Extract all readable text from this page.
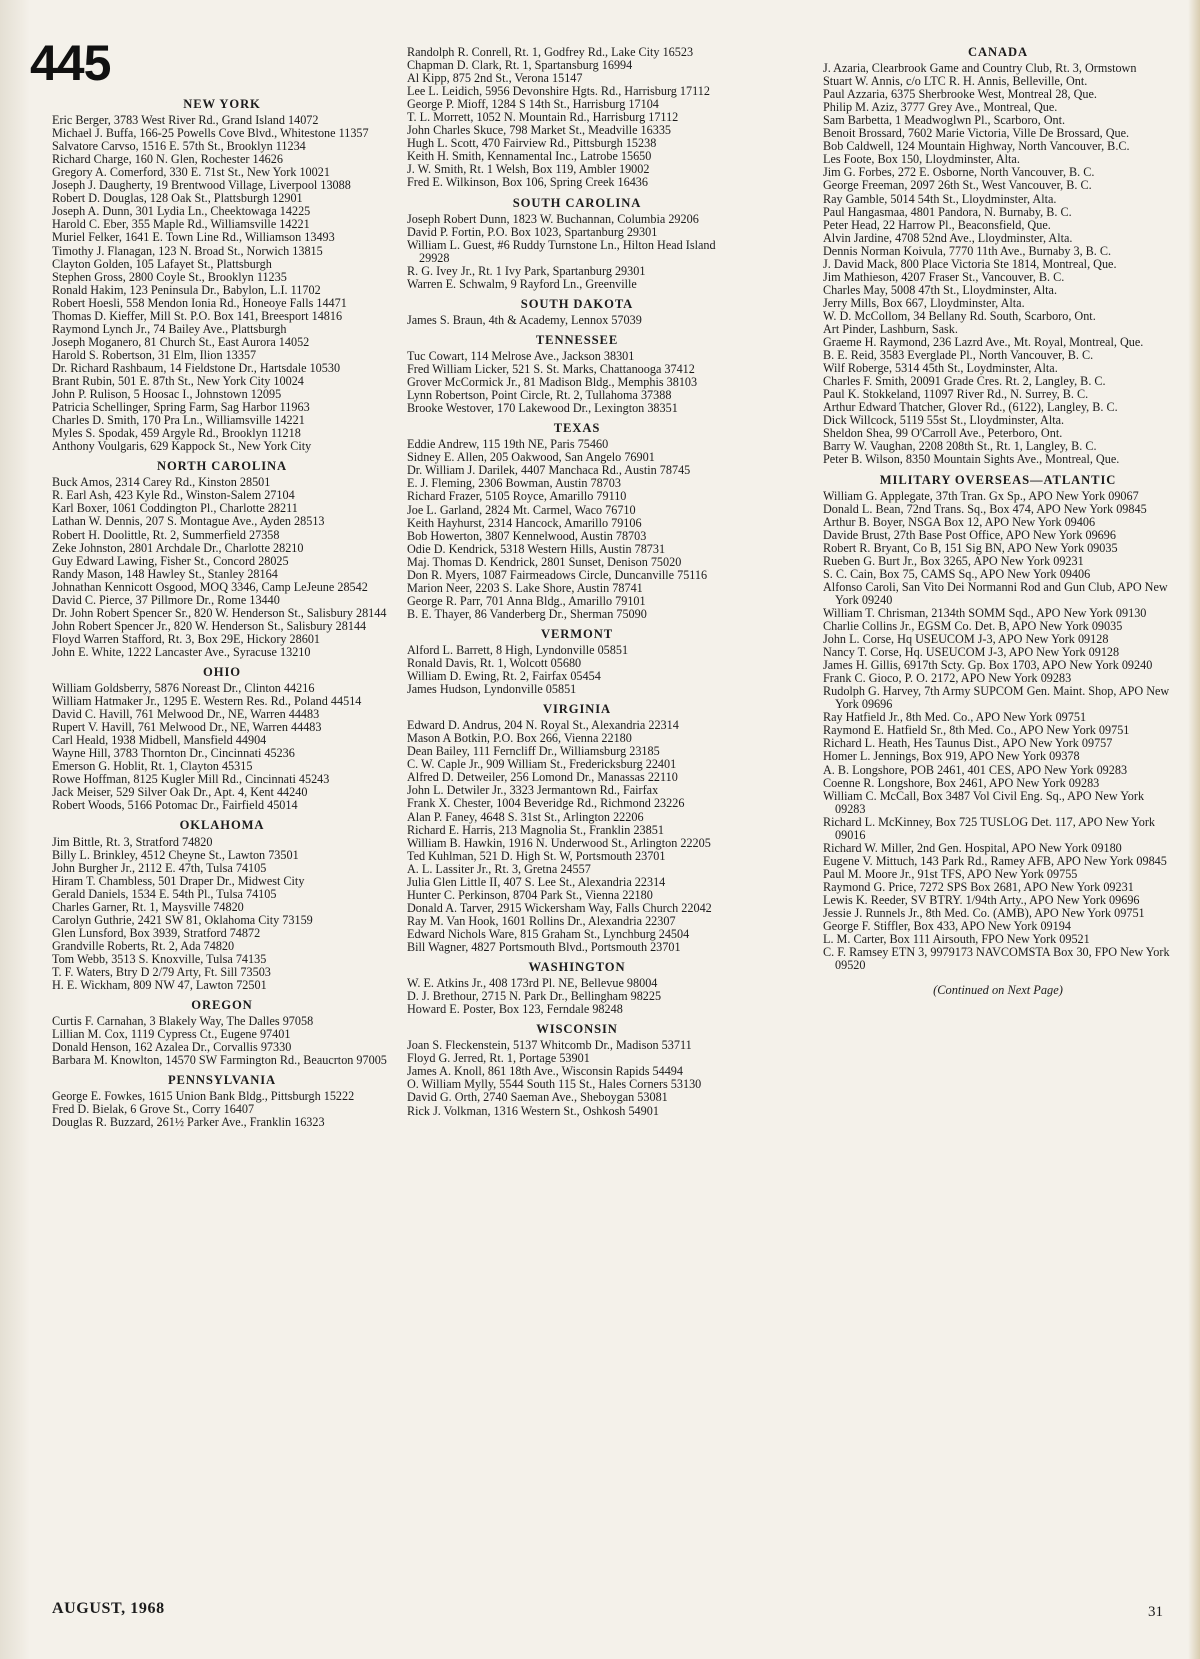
445
NEW YORK
Eric Berger, 3783 West River Rd., Grand Island 14072
Michael J. Buffa, 166-25 Powells Cove Blvd., Whitestone 11357
Salvatore Carvso, 1516 E. 57th St., Brooklyn 11234
Richard Charge, 160 N. Glen, Rochester 14626
Gregory A. Comerford, 330 E. 71st St., New York 10021
Joseph J. Daugherty, 19 Brentwood Village, Liverpool 13088
Robert D. Douglas, 128 Oak St., Plattsburgh 12901
Joseph A. Dunn, 301 Lydia Ln., Cheektowaga 14225
Harold C. Eber, 355 Maple Rd., Williamsville 14221
Muriel Felker, 1641 E. Town Line Rd., Williamson 13493
Timothy J. Flanagan, 123 N. Broad St., Norwich 13815
Clayton Golden, 105 Lafayet St., Plattsburgh
Stephen Gross, 2800 Coyle St., Brooklyn 11235
Ronald Hakim, 123 Peninsula Dr., Babylon, L.I. 11702
Robert Hoesli, 558 Mendon Ionia Rd., Honeoye Falls 14471
Thomas D. Kieffer, Mill St. P.O. Box 141, Breesport 14816
Raymond Lynch Jr., 74 Bailey Ave., Plattsburgh
Joseph Moganero, 81 Church St., East Aurora 14052
Harold S. Robertson, 31 Elm, Ilion 13357
Dr. Richard Rashbaum, 14 Fieldstone Dr., Hartsdale 10530
Brant Rubin, 501 E. 87th St., New York City 10024
John P. Rulison, 5 Hoosac I., Johnstown 12095
Patricia Schellinger, Spring Farm, Sag Harbor 11963
Charles D. Smith, 170 Pra Ln., Williamsville 14221
Myles S. Spodak, 459 Argyle Rd., Brooklyn 11218
Anthony Voulgaris, 629 Kappock St., New York City
NORTH CAROLINA
Buck Amos, 2314 Carey Rd., Kinston 28501
R. Earl Ash, 423 Kyle Rd., Winston-Salem 27104
Karl Boxer, 1061 Coddington Pl., Charlotte 28211
Lathan W. Dennis, 207 S. Montague Ave., Ayden 28513
Robert H. Doolittle, Rt. 2, Summerfield 27358
Zeke Johnston, 2801 Archdale Dr., Charlotte 28210
Guy Edward Lawing, Fisher St., Concord 28025
Randy Mason, 148 Hawley St., Stanley 28164
Johnathan Kennicott Osgood, MOQ 3346, Camp LeJeune 28542
David C. Pierce, 37 Pillmore Dr., Rome 13440
Dr. John Robert Spencer Sr., 820 W. Henderson St., Salisbury 28144
John Robert Spencer Jr., 820 W. Henderson St., Salisbury 28144
Floyd Warren Stafford, Rt. 3, Box 29E, Hickory 28601
John E. White, 1222 Lancaster Ave., Syracuse 13210
OHIO
William Goldsberry, 5876 Noreast Dr., Clinton 44216
William Hatmaker Jr., 1295 E. Western Res. Rd., Poland 44514
David C. Havill, 761 Melwood Dr., NE, Warren 44483
Rupert V. Havill, 761 Melwood Dr., NE, Warren 44483
Carl Heald, 1938 Midbell, Mansfield 44904
Wayne Hill, 3783 Thornton Dr., Cincinnati 45236
Emerson G. Hoblit, Rt. 1, Clayton 45315
Rowe Hoffman, 8125 Kugler Mill Rd., Cincinnati 45243
Jack Meiser, 529 Silver Oak Dr., Apt. 4, Kent 44240
Robert Woods, 5166 Potomac Dr., Fairfield 45014
OKLAHOMA
Jim Bittle, Rt. 3, Stratford 74820
Billy L. Brinkley, 4512 Cheyne St., Lawton 73501
John Burgher Jr., 2112 E. 47th, Tulsa 74105
Hiram T. Chambless, 501 Draper Dr., Midwest City
Gerald Daniels, 1534 E. 54th Pl., Tulsa 74105
Charles Garner, Rt. 1, Maysville 74820
Carolyn Guthrie, 2421 SW 81, Oklahoma City 73159
Glen Lunsford, Box 3939, Stratford 74872
Grandville Roberts, Rt. 2, Ada 74820
Tom Webb, 3513 S. Knoxville, Tulsa 74135
T. F. Waters, Btry D 2/79 Arty, Ft. Sill 73503
H. E. Wickham, 809 NW 47, Lawton 72501
OREGON
Curtis F. Carnahan, 3 Blakely Way, The Dalles 97058
Lillian M. Cox, 1119 Cypress Ct., Eugene 97401
Donald Henson, 162 Azalea Dr., Corvallis 97330
Barbara M. Knowlton, 14570 SW Farmington Rd., Beaucrton 97005
PENNSYLVANIA
George E. Fowkes, 1615 Union Bank Bldg., Pittsburgh 15222
Fred D. Bielak, 6 Grove St., Corry 16407
Douglas R. Buzzard, 261½ Parker Ave., Franklin 16323
Randolph R. Conrell, Rt. 1, Godfrey Rd., Lake City 16523
Chapman D. Clark, Rt. 1, Spartansburg 16994
Al Kipp, 875 2nd St., Verona 15147
Lee L. Leidich, 5956 Devonshire Hgts. Rd., Harrisburg 17112
George P. Mioff, 1284 S 14th St., Harrisburg 17104
T. L. Morrett, 1052 N. Mountain Rd., Harrisburg 17112
John Charles Skuce, 798 Market St., Meadville 16335
Hugh L. Scott, 470 Fairview Rd., Pittsburgh 15238
Keith H. Smith, Kennamental Inc., Latrobe 15650
J. W. Smith, Rt. 1 Welsh, Box 119, Ambler 19002
Fred E. Wilkinson, Box 106, Spring Creek 16436
SOUTH CAROLINA
Joseph Robert Dunn, 1823 W. Buchannan, Columbia 29206
David P. Fortin, P.O. Box 1023, Spartanburg 29301
William L. Guest, #6 Ruddy Turnstone Ln., Hilton Head Island 29928
R. G. Ivey Jr., Rt. 1 Ivy Park, Spartanburg 29301
Warren E. Schwalm, 9 Rayford Ln., Greenville
SOUTH DAKOTA
James S. Braun, 4th & Academy, Lennox 57039
TENNESSEE
Tuc Cowart, 114 Melrose Ave., Jackson 38301
Fred William Licker, 521 S. St. Marks, Chattanooga 37412
Grover McCormick Jr., 81 Madison Bldg., Memphis 38103
Lynn Robertson, Point Circle, Rt. 2, Tullahoma 37388
Brooke Westover, 170 Lakewood Dr., Lexington 38351
TEXAS
Eddie Andrew, 115 19th NE, Paris 75460
Sidney E. Allen, 205 Oakwood, San Angelo 76901
Dr. William J. Darilek, 4407 Manchaca Rd., Austin 78745
E. J. Fleming, 2306 Bowman, Austin 78703
Richard Frazer, 5105 Royce, Amarillo 79110
Joe L. Garland, 2824 Mt. Carmel, Waco 76710
Keith Hayhurst, 2314 Hancock, Amarillo 79106
Bob Howerton, 3807 Kennelwood, Austin 78703
Odie D. Kendrick, 5318 Western Hills, Austin 78731
Maj. Thomas D. Kendrick, 2801 Sunset, Denison 75020
Don R. Myers, 1087 Fairmeadows Circle, Duncanville 75116
Marion Neer, 2203 S. Lake Shore, Austin 78741
George R. Parr, 701 Anna Bldg., Amarillo 79101
B. E. Thayer, 86 Vanderberg Dr., Sherman 75090
VERMONT
Alford L. Barrett, 8 High, Lyndonville 05851
Ronald Davis, Rt. 1, Wolcott 05680
William D. Ewing, Rt. 2, Fairfax 05454
James Hudson, Lyndonville 05851
VIRGINIA
Edward D. Andrus, 204 N. Royal St., Alexandria 22314
Mason A Botkin, P.O. Box 266, Vienna 22180
Dean Bailey, 111 Ferncliff Dr., Williamsburg 23185
C. W. Caple Jr., 909 William St., Fredericksburg 22401
Alfred D. Detweiler, 256 Lomond Dr., Manassas 22110
John L. Detwiler Jr., 3323 Jermantown Rd., Fairfax
Frank X. Chester, 1004 Beveridge Rd., Richmond 23226
Alan P. Faney, 4648 S. 31st St., Arlington 22206
Richard E. Harris, 213 Magnolia St., Franklin 23851
William B. Hawkin, 1916 N. Underwood St., Arlington 22205
Ted Kuhlman, 521 D. High St. W, Portsmouth 23701
A. L. Lassiter Jr., Rt. 3, Gretna 24557
Julia Glen Little II, 407 S. Lee St., Alexandria 22314
Hunter C. Perkinson, 8704 Park St., Vienna 22180
Donald A. Tarver, 2915 Wickersham Way, Falls Church 22042
Ray M. Van Hook, 1601 Rollins Dr., Alexandria 22307
Edward Nichols Ware, 815 Graham St., Lynchburg 24504
Bill Wagner, 4827 Portsmouth Blvd., Portsmouth 23701
WASHINGTON
W. E. Atkins Jr., 408 173rd Pl. NE, Bellevue 98004
D. J. Brethour, 2715 N. Park Dr., Bellingham 98225
Howard E. Poster, Box 123, Ferndale 98248
WISCONSIN
Joan S. Fleckenstein, 5137 Whitcomb Dr., Madison 53711
Floyd G. Jerred, Rt. 1, Portage 53901
James A. Knoll, 861 18th Ave., Wisconsin Rapids 54494
O. William Mylly, 5544 South 115 St., Hales Corners 53130
David G. Orth, 2740 Saeman Ave., Sheboygan 53081
Rick J. Volkman, 1316 Western St., Oshkosh 54901
CANADA
J. Azaria, Clearbrook Game and Country Club, Rt. 3, Ormstown
Stuart W. Annis, c/o LTC R. H. Annis, Belleville, Ont.
Paul Azzaria, 6375 Sherbrooke West, Montreal 28, Que.
Philip M. Aziz, 3777 Grey Ave., Montreal, Que.
Sam Barbetta, 1 Meadwoglwn Pl., Scarboro, Ont.
Benoit Brossard, 7602 Marie Victoria, Ville De Brossard, Que.
Bob Caldwell, 124 Mountain Highway, North Vancouver, B.C.
Les Foote, Box 150, Lloydminster, Alta.
Jim G. Forbes, 272 E. Osborne, North Vancouver, B. C.
George Freeman, 2097 26th St., West Vancouver, B. C.
Ray Gamble, 5014 54th St., Lloydminster, Alta.
Paul Hangasmaa, 4801 Pandora, N. Burnaby, B. C.
Peter Head, 22 Harrow Pl., Beaconsfield, Que.
Alvin Jardine, 4708 52nd Ave., Lloydminster, Alta.
Dennis Norman Koivula, 7770 11th Ave., Burnaby 3, B. C.
J. David Mack, 800 Place Victoria Ste 1814, Montreal, Que.
Jim Mathieson, 4207 Fraser St., Vancouver, B. C.
Charles May, 5008 47th St., Lloydminster, Alta.
Jerry Mills, Box 667, Lloydminster, Alta.
W. D. McCollom, 34 Bellany Rd. South, Scarboro, Ont.
Art Pinder, Lashburn, Sask.
Graeme H. Raymond, 236 Lazrd Ave., Mt. Royal, Montreal, Que.
B. E. Reid, 3583 Everglade Pl., North Vancouver, B. C.
Wilf Roberge, 5314 45th St., Loydminster, Alta.
Charles F. Smith, 20091 Grade Cres. Rt. 2, Langley, B. C.
Paul K. Stokkeland, 11097 River Rd., N. Surrey, B. C.
Arthur Edward Thatcher, Glover Rd., (6122), Langley, B. C.
Dick Willcock, 5119 55st St., Lloydminster, Alta.
Sheldon Shea, 99 O'Carroll Ave., Peterboro, Ont.
Barry W. Vaughan, 2208 208th St., Rt. 1, Langley, B. C.
Peter B. Wilson, 8350 Mountain Sights Ave., Montreal, Que.
MILITARY OVERSEAS—ATLANTIC
William G. Applegate, 37th Tran. Gx Sp., APO New York 09067
Donald L. Bean, 72nd Trans. Sq., Box 474, APO New York 09845
Arthur B. Boyer, NSGA Box 12, APO New York 09406
Davide Brust, 27th Base Post Office, APO New York 09696
Robert R. Bryant, Co B, 151 Sig BN, APO New York 09035
Rueben G. Burt Jr., Box 3265, APO New York 09231
S. C. Cain, Box 75, CAMS Sq., APO New York 09406
Alfonso Caroli, San Vito Dei Normanni Rod and Gun Club, APO New York 09240
William T. Chrisman, 2134th SOMM Sqd., APO New York 09130
Charlie Collins Jr., EGSM Co. Det. B, APO New York 09035
John L. Corse, Hq USEUCOM J-3, APO New York 09128
Nancy T. Corse, Hq. USEUCOM J-3, APO New York 09128
James H. Gillis, 6917th Scty. Gp. Box 1703, APO New York 09240
Frank C. Gioco, P. O. 2172, APO New York 09283
Rudolph G. Harvey, 7th Army SUPCOM Gen. Maint. Shop, APO New York 09696
Ray Hatfield Jr., 8th Med. Co., APO New York 09751
Raymond E. Hatfield Sr., 8th Med. Co., APO New York 09751
Richard L. Heath, Hes Taunus Dist., APO New York 09757
Homer L. Jennings, Box 919, APO New York 09378
A. B. Longshore, POB 2461, 401 CES, APO New York 09283
Coenne R. Longshore, Box 2461, APO New York 09283
William C. McCall, Box 3487 Vol Civil Eng. Sq., APO New York 09283
Richard L. McKinney, Box 725 TUSLOG Det. 117, APO New York 09016
Richard W. Miller, 2nd Gen. Hospital, APO New York 09180
Eugene V. Mittuch, 143 Park Rd., Ramey AFB, APO New York 09845
Paul M. Moore Jr., 91st TFS, APO New York 09755
Raymond G. Price, 7272 SPS Box 2681, APO New York 09231
Lewis K. Reeder, SV BTRY. 1/94th Arty., APO New York 09696
Jessie J. Runnels Jr., 8th Med. Co. (AMB), APO New York 09751
George F. Stiffler, Box 433, APO New York 09194
L. M. Carter, Box 111 Airsouth, FPO New York 09521
C. F. Ramsey ETN 3, 9979173 NAVCOMSTA Box 30, FPO New York 09520
(Continued on Next Page)
AUGUST, 1968	31
